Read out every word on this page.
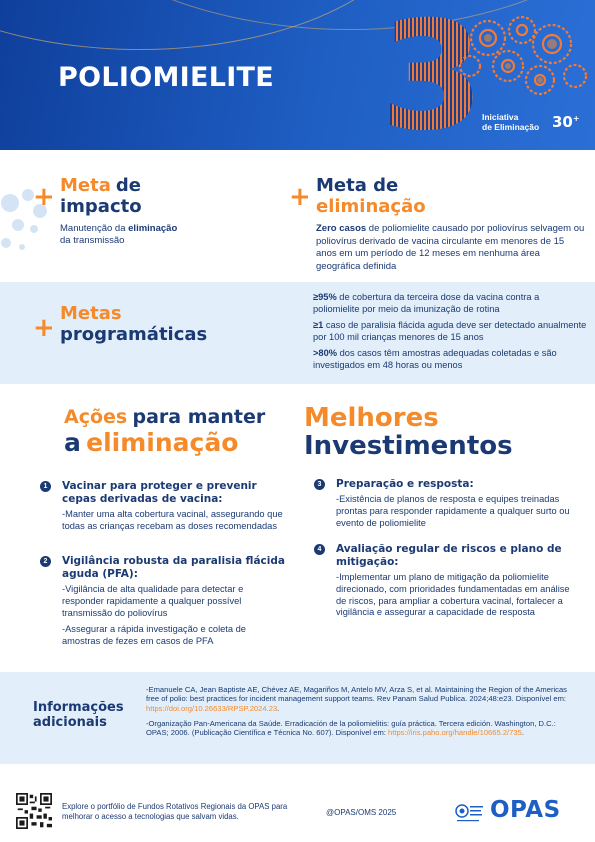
POLIOMIELITE 3
Iniciativa
de Eliminação 30+
+ Meta de
impacto
Manutenção da eliminação
da transmissão
+ Meta de
eliminação
Zero casos de poliomielite causado por poliovírus selvagem ou poliovírus derivado de vacina circulante em menores de 15 anos em um período de 12 meses em nenhuma área geográfica definida
+ Metas
programáticas

≥95% de cobertura da terceira dose da vacina contra a poliomielite por meio da imunização de rotina

≥1 caso de paralisia flácida aguda deve ser detectado anualmente por 100 mil crianças menores de 15 anos

>80% dos casos têm amostras adequadas coletadas e são investigados em 48 horas ou menos

Ações para manter
a eliminação
Melhores
Investimentos
1	Vacinar para proteger e prevenir cepas derivadas de vacina:

-Manter uma alta cobertura vacinal, assegurando que todas as crianças recebam as doses recomendadas

2	Vigilância robusta da paralisia flácida aguda (PFA):

-Vigilância de alta qualidade para detectar e responder rapidamente a qualquer possível transmissão do poliovírus

-Assegurar a rápida investigação e coleta de amostras de fezes em casos de PFA

3	Preparação e resposta:

-Existência de planos de resposta e equipes treinadas prontas para responder rapidamente a qualquer surto ou evento de poliomielite

4	Avaliação regular de riscos e plano de mitigação:

-Implementar um plano de mitigação da poliomielite direcionado, com prioridades fundamentadas em análise de riscos, para ampliar a cobertura vacinal, fortalecer a vigilância e assegurar a capacidade de resposta

Informações
adicionais

-Emanuele CA, Jean Baptiste AE, Chévez AE, Magariños M, Antelo MV, Arza S, et al. Maintaining the Region of the Americas free of polio: best practices for incident management support teams. Rev Panam Salud Publica. 2024;48:e23. Disponível em: https://doi.org/10.26633/RPSP.2024.23.

-Organização Pan-Americana da Saúde. Erradicación de la poliomielitis: guía práctica. Tercera edición. Washington, D.C.: OPAS; 2006. (Publicação Científica e Técnica No. 607). Disponível em: https://iris.paho.org/handle/10665.2/735.

Explore o portfólio de Fundos Rotativos Regionais da OPAS para melhorar o acesso a tecnologias que salvam vidas.	@OPAS/OMS 2025	OPAS
